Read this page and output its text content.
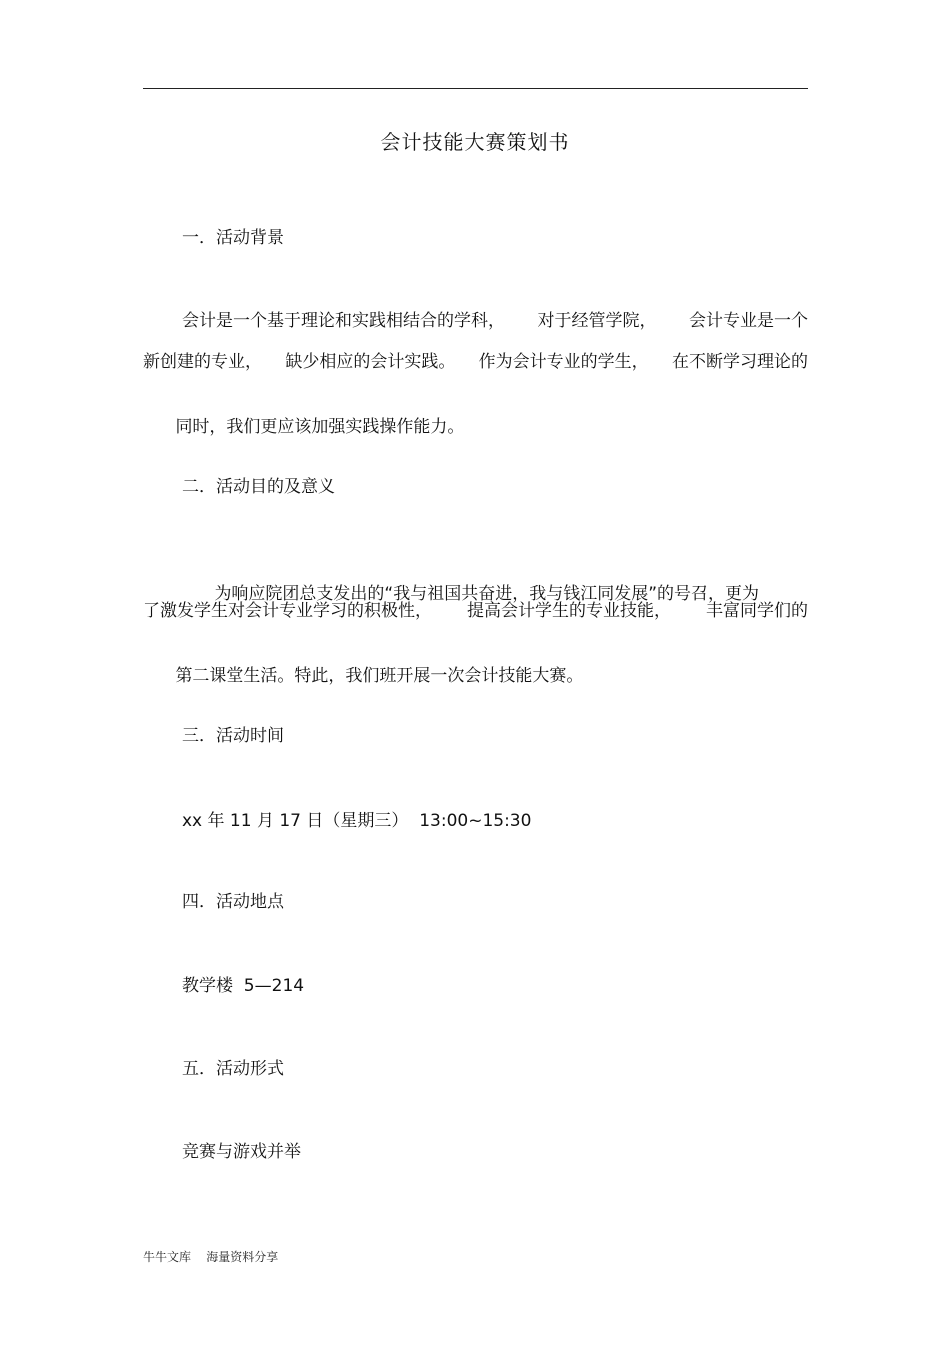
会计技能大赛策划书
一．活动背景
会计是一个基于理论和实践相结合的学科， 对于经管学院， 会计专业是一个
新创建的专业， 缺少相应的会计实践。 作为会计专业的学生， 在不断学习理论的

同时，我们更应该加强实践操作能力。

二．活动目的及意义

为响应院团总支发出的“我与祖国共奋进，我与钱江同发展”的号召，更为

了激发学生对会计专业学习的积极性， 提高会计学生的专业技能， 丰富同学们的

第二课堂生活。特此，我们班开展一次会计技能大赛。

三．活动时间
xx 年 11 月 17 日（星期三）  13:00~15:30
四．活动地点
教学楼  5—214
五．活动形式
竞赛与游戏并举
牛牛文库    海量资料分享
